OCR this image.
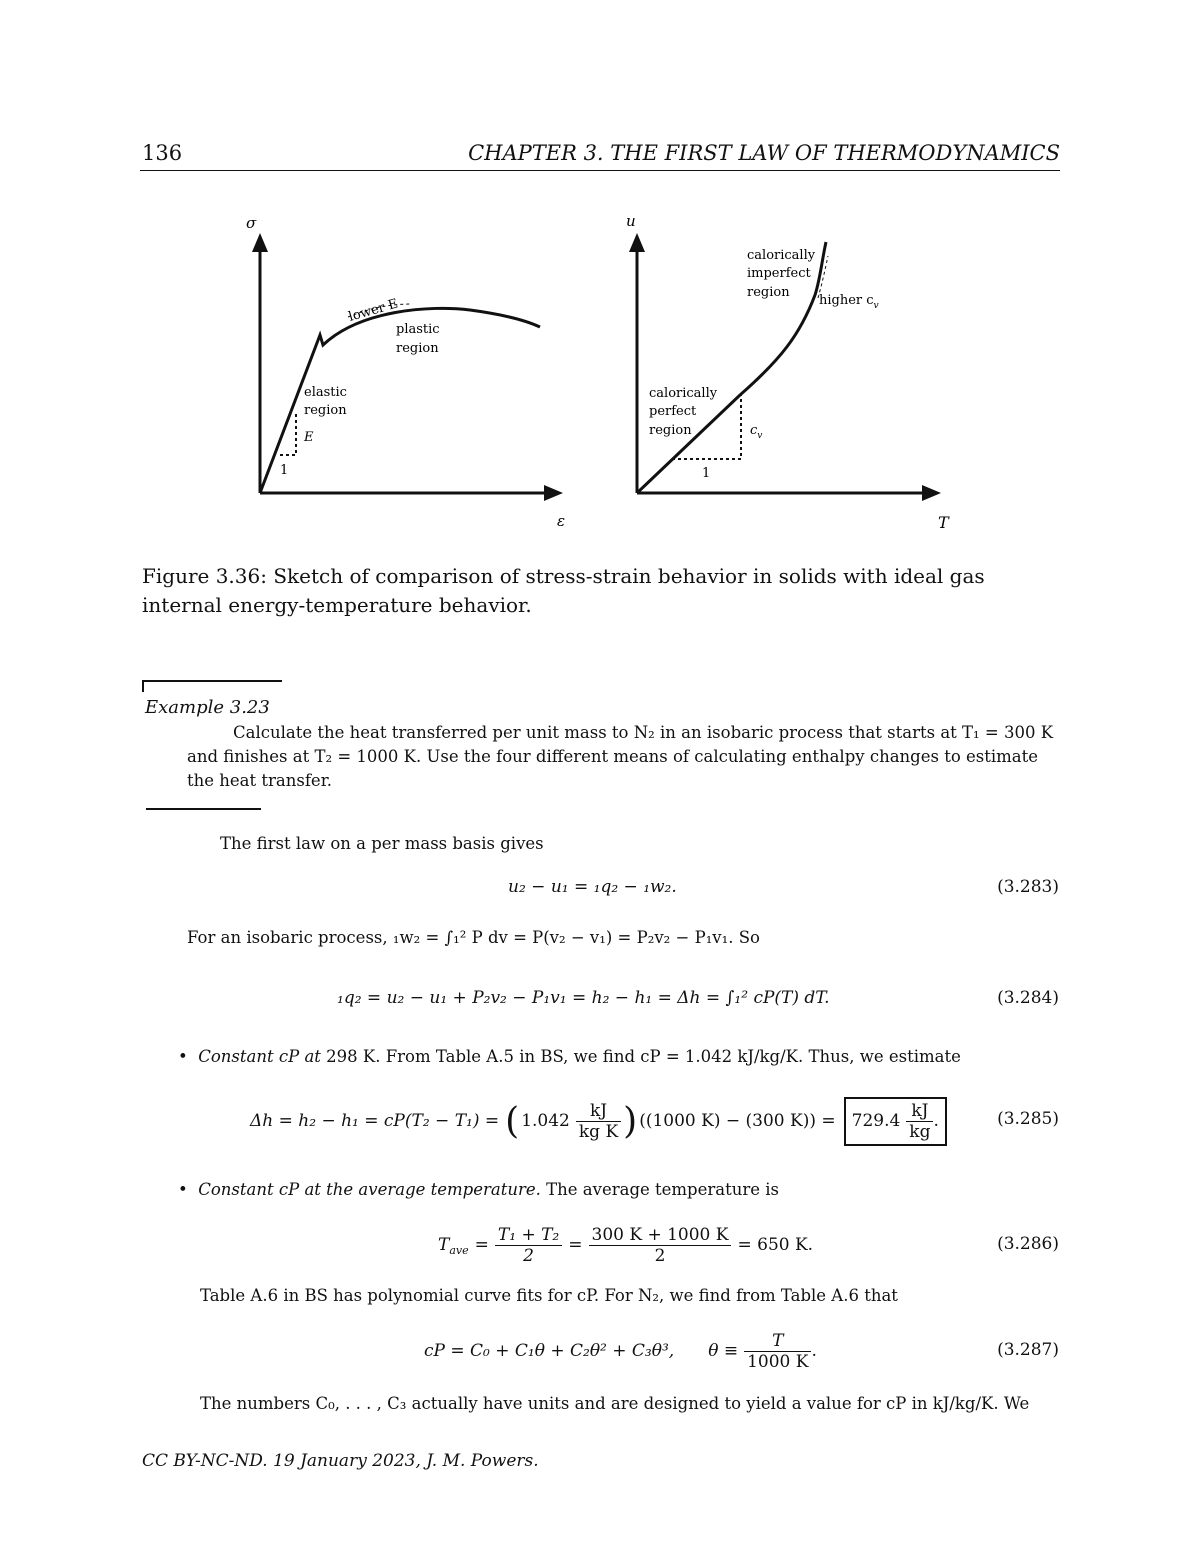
136	CHAPTER 3. THE FIRST LAW OF THERMODYNAMICS
σ
ε
elastic
region
E
1
plastic
region
lower E
u
T
calorically
perfect
region
calorically
imperfect
region
$c_v$
higher $c_v$
1
Figure 3.36: Sketch of comparison of stress-strain behavior in solids with ideal gas internal energy-temperature behavior.
Example 3.23
Calculate the heat transferred per unit mass to N₂ in an isobaric process that starts at T₁ = 300 K
and finishes at T₂ = 1000 K. Use the four different means of calculating enthalpy changes to estimate
the heat transfer.
The first law on a per mass basis gives
u₂ − u₁ = ₁q₂ − ₁w₂.	(3.283)
For an isobaric process, ₁w₂ = ∫₁² P dv = P(v₂ − v₁) = P₂v₂ − P₁v₁. So
₁q₂ = u₂ − u₁ + P₂v₂ − P₁v₁ = h₂ − h₁ = Δh = ∫₁² cP(T) dT.	(3.284)
•  Constant cP at 298 K. From Table A.5 in BS, we find cP = 1.042 kJ/kg/K. Thus, we estimate
Δh = h₂ − h₁ = cP(T₂ − T₁) = ( $1.042 \frac{kJ}{\text{kg K}}$ ) ((1000 K) − (300 $K)) = 729.4 \frac{kJ}{kg}$ .	(3.285)
•  Constant cP at the average temperature. The average temperature is
T ave = $\frac{\text{T₁ + T₂}}{2} = \frac{300 K + 1000 K}{2} = 650$ K.	(3.286)
Table A.6 in BS has polynomial curve fits for cP. For N₂, we find from Table A.6 that
cP = C₀ + C₁θ + C₂θ² + C₃θ³, $\theta \equiv \frac{T}{1000 K}$ .	(3.287)
The numbers C₀, . . . , C₃ actually have units and are designed to yield a value for cP in kJ/kg/K. We
CC BY-NC-ND. 19 January 2023, J. M. Powers.
